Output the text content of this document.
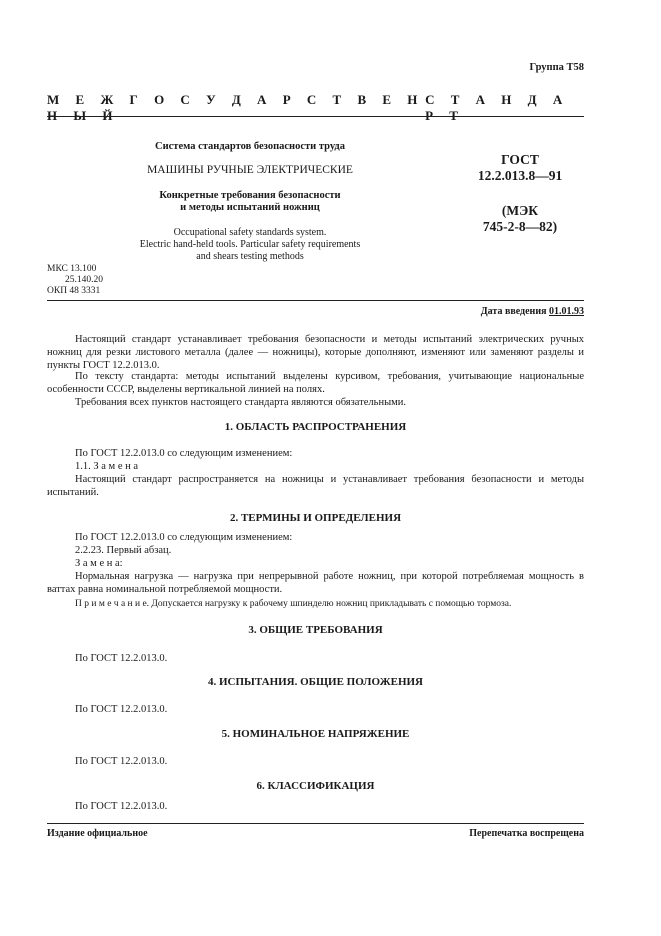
Группа Т58
М Е Ж Г О С У Д А Р С Т В Е Н Н Ы Й
С Т А Н Д А Р Т
Система стандартов безопасности труда
МАШИНЫ РУЧНЫЕ ЭЛЕКТРИЧЕСКИЕ
Конкретные требования безопасности
и методы испытаний ножниц
Occupational safety standards system.
Electric hand-held tools. Particular safety requirements
and shears testing methods
ГОСТ
12.2.013.8—91
(МЭК
745-2-8—82)
МКС 13.100
25.140.20
ОКП 48 3331
Дата введения 01.01.93
Настоящий стандарт устанавливает требования безопасности и методы испытаний электрических ручных ножниц для резки листового металла (далее — ножницы), которые дополняют, изменяют или заменяют разделы и пункты ГОСТ 12.2.013.0.
По тексту стандарта: методы испытаний выделены курсивом, требования, учитывающие национальные особенности СССР, выделены вертикальной линией на полях.
Требования всех пунктов настоящего стандарта являются обязательными.
1. ОБЛАСТЬ РАСПРОСТРАНЕНИЯ
По ГОСТ 12.2.013.0 со следующим изменением:
1.1. З а м е н а
Настоящий стандарт распространяется на ножницы и устанавливает требования безопасности и методы испытаний.
2. ТЕРМИНЫ И ОПРЕДЕЛЕНИЯ
По ГОСТ 12.2.013.0 со следующим изменением:
2.2.23. Первый абзац.
З а м е н а:
Нормальная нагрузка — нагрузка при непрерывной работе ножниц, при которой потребляемая мощность в ваттах равна номинальной потребляемой мощности.
П р и м е ч а н и е. Допускается нагрузку к рабочему шпинделю ножниц прикладывать с помощью тормоза.
3. ОБЩИЕ ТРЕБОВАНИЯ
По ГОСТ 12.2.013.0.
4. ИСПЫТАНИЯ. ОБЩИЕ ПОЛОЖЕНИЯ
По ГОСТ 12.2.013.0.
5. НОМИНАЛЬНОЕ НАПРЯЖЕНИЕ
По ГОСТ 12.2.013.0.
6. КЛАССИФИКАЦИЯ
По ГОСТ 12.2.013.0.
Издание официальное	Перепечатка воспрещена
